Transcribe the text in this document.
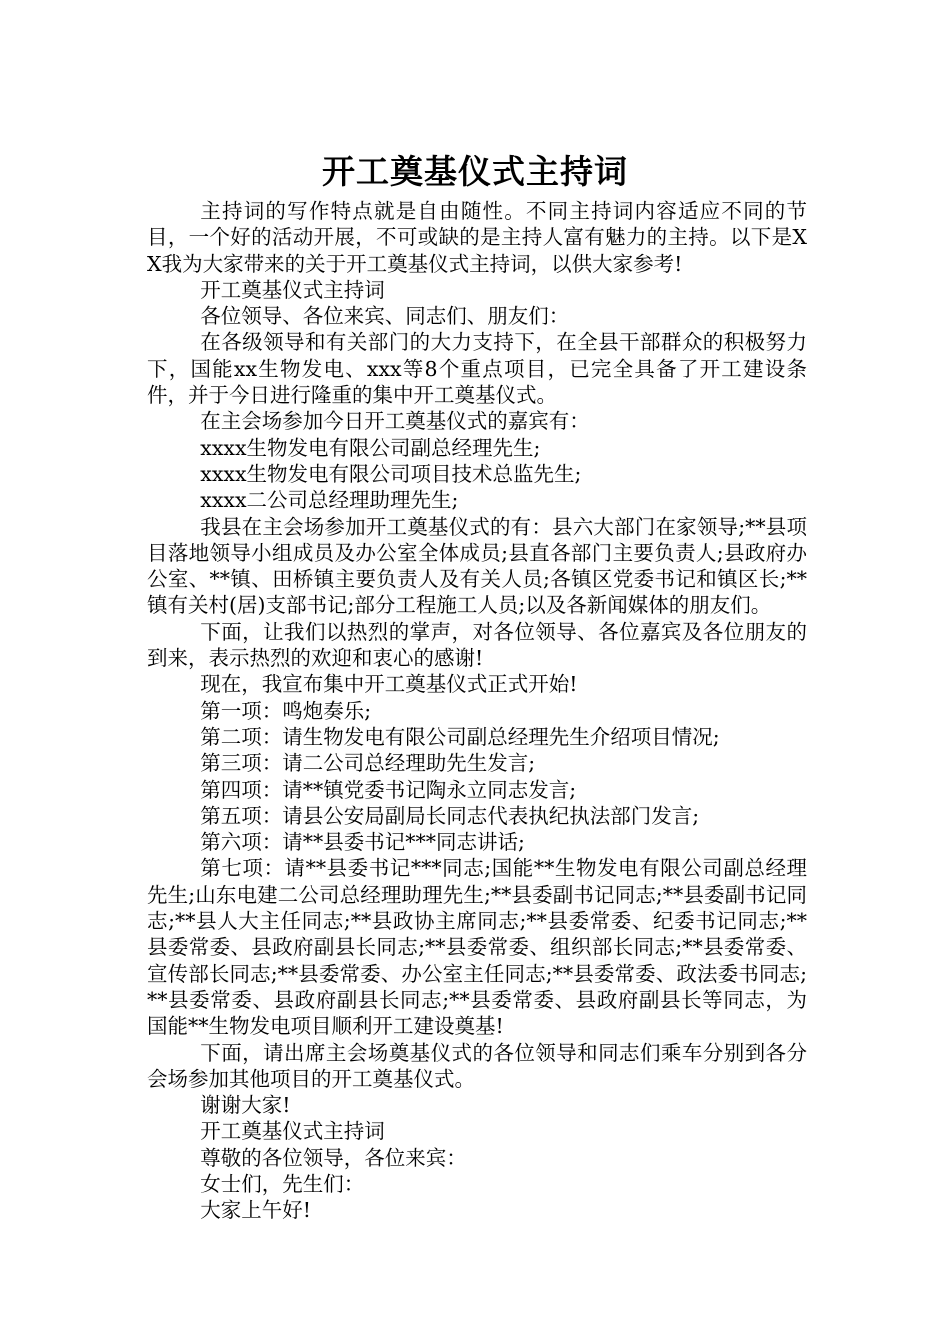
开工奠基仪式主持词

主持词的写作特点就是自由随性。不同主持词内容适应不同的节目，一个好的活动开展，不可或缺的是主持人富有魅力的主持。以下是XX我为大家带来的关于开工奠基仪式主持词，以供大家参考!

开工奠基仪式主持词

各位领导、各位来宾、同志们、朋友们：

在各级领导和有关部门的大力支持下，在全县干部群众的积极努力下，国能xx生物发电、xxx等8个重点项目，已完全具备了开工建设条件，并于今日进行隆重的集中开工奠基仪式。

在主会场参加今日开工奠基仪式的嘉宾有：

xxxx生物发电有限公司副总经理先生;

xxxx生物发电有限公司项目技术总监先生;

xxxx二公司总经理助理先生;

我县在主会场参加开工奠基仪式的有：县六大部门在家领导;**县项目落地领导小组成员及办公室全体成员;县直各部门主要负责人;县政府办公室、**镇、田桥镇主要负责人及有关人员;各镇区党委书记和镇区长;**镇有关村(居)支部书记;部分工程施工人员;以及各新闻媒体的朋友们。

下面，让我们以热烈的掌声，对各位领导、各位嘉宾及各位朋友的到来，表示热烈的欢迎和衷心的感谢!

现在，我宣布集中开工奠基仪式正式开始!

第一项：鸣炮奏乐;

第二项：请生物发电有限公司副总经理先生介绍项目情况;

第三项：请二公司总经理助先生发言;

第四项：请**镇党委书记陶永立同志发言;

第五项：请县公安局副局长同志代表执纪执法部门发言;

第六项：请**县委书记***同志讲话;

第七项：请**县委书记***同志;国能**生物发电有限公司副总经理先生;山东电建二公司总经理助理先生;**县委副书记同志;**县委副书记同志;**县人大主任同志;**县政协主席同志;**县委常委、纪委书记同志;**县委常委、县政府副县长同志;**县委常委、组织部长同志;**县委常委、宣传部长同志;**县委常委、办公室主任同志;**县委常委、政法委书同志;**县委常委、县政府副县长同志;**县委常委、县政府副县长等同志，为国能**生物发电项目顺利开工建设奠基!

下面，请出席主会场奠基仪式的各位领导和同志们乘车分别到各分会场参加其他项目的开工奠基仪式。

谢谢大家!

开工奠基仪式主持词

尊敬的各位领导，各位来宾：

女士们，先生们：

大家上午好!
